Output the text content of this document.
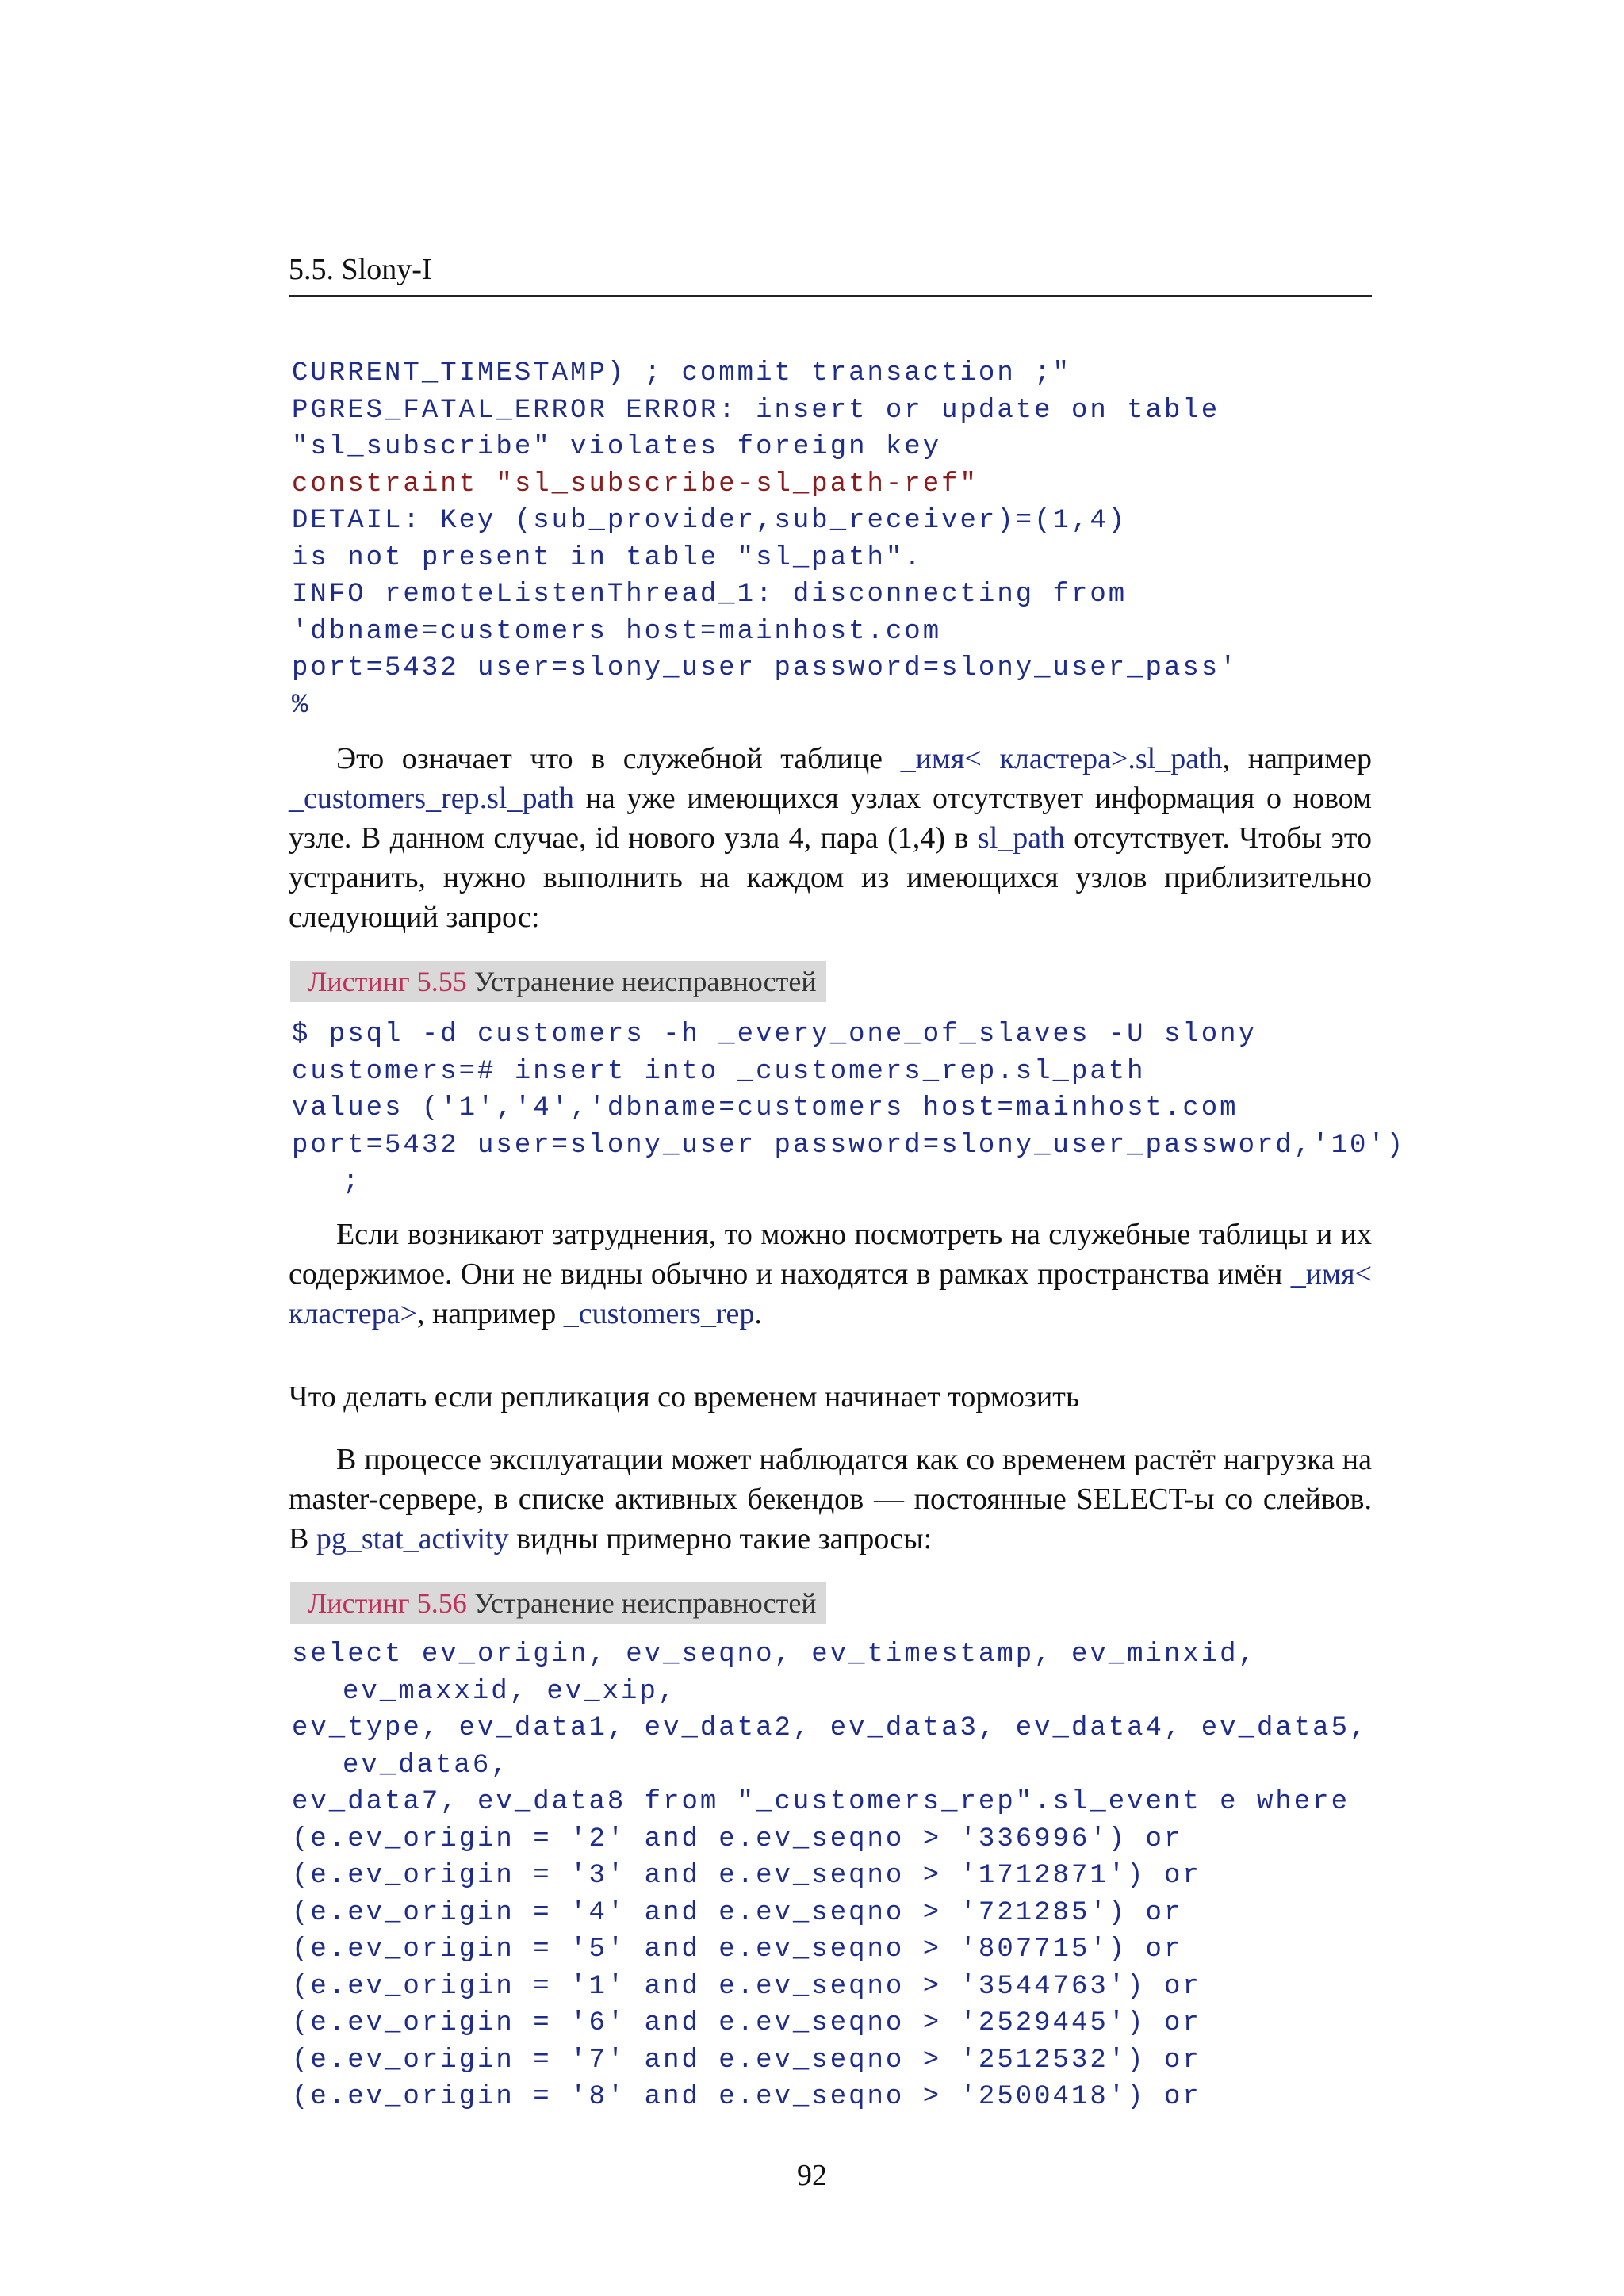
5.5. Slony-I
CURRENT_TIMESTAMP) ; commit transaction ;"
PGRES_FATAL_ERROR ERROR: insert or update on table
"sl_subscribe" violates foreign key
constraint "sl_subscribe-sl_path-ref"
DETAIL: Key (sub_provider,sub_receiver)=(1,4)
is not present in table "sl_path".
INFO remoteListenThread_1: disconnecting from
'dbname=customers host=mainhost.com
port=5432 user=slony_user password=slony_user_pass'
%
Это означает что в служебной таблице _имя< кластера>.sl_path, например _customers_rep.sl_path на уже имеющихся узлах отсутствует информация о новом узле. В данном случае, id нового узла 4, пара (1,4) в sl_path отсутствует. Чтобы это устранить, нужно выполнить на каждом из имеющихся узлов приблизительно следующий запрос:
Листинг 5.55 Устранение неисправностей
$ psql -d customers -h _every_one_of_slaves -U slony
customers=# insert into _customers_rep.sl_path
values ('1','4','dbname=customers host=mainhost.com
port=5432 user=slony_user password=slony_user_password,'10')
;
Если возникают затруднения, то можно посмотреть на служебные таблицы и их содержимое. Они не видны обычно и находятся в рамках пространства имён _имя< кластера>, например _customers_rep.
Что делать если репликация со временем начинает тормозить
В процессе эксплуатации может наблюдатся как со временем растёт нагрузка на master-сервере, в списке активных бекендов — постоянные SELECT-ы со слейвов. В pg_stat_activity видны примерно такие запросы:
Листинг 5.56 Устранение неисправностей
select ev_origin, ev_seqno, ev_timestamp, ev_minxid,
ev_maxxid, ev_xip,
ev_type, ev_data1, ev_data2, ev_data3, ev_data4, ev_data5,
ev_data6,
ev_data7, ev_data8 from "_customers_rep".sl_event e where
(e.ev_origin = '2' and e.ev_seqno > '336996') or
(e.ev_origin = '3' and e.ev_seqno > '1712871') or
(e.ev_origin = '4' and e.ev_seqno > '721285') or
(e.ev_origin = '5' and e.ev_seqno > '807715') or
(e.ev_origin = '1' and e.ev_seqno > '3544763') or
(e.ev_origin = '6' and e.ev_seqno > '2529445') or
(e.ev_origin = '7' and e.ev_seqno > '2512532') or
(e.ev_origin = '8' and e.ev_seqno > '2500418') or
92
